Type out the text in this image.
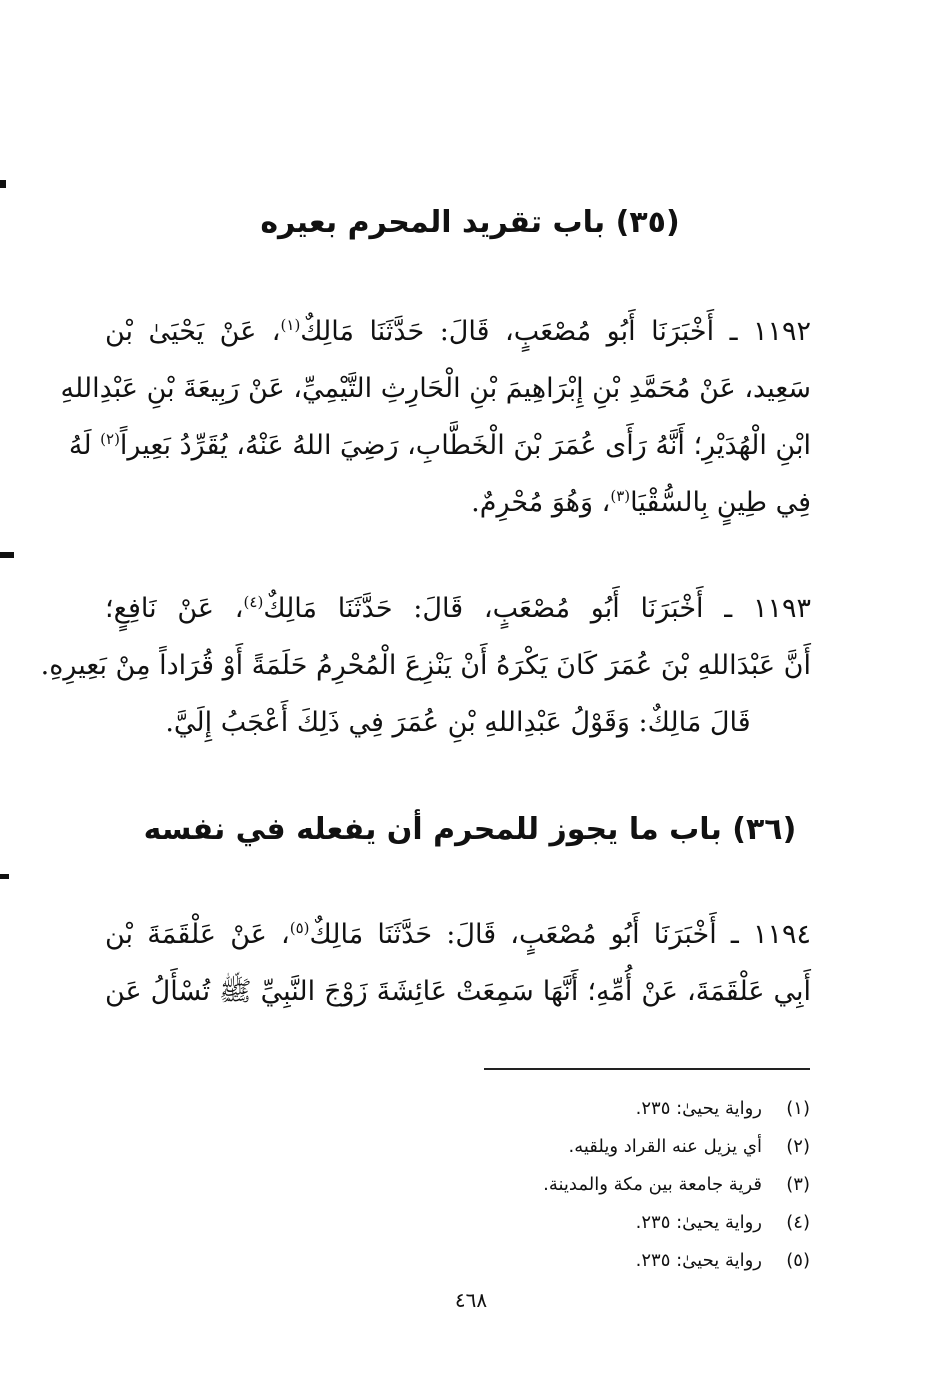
(٣٥) باب تقريد المحرم بعيره
١١٩٢ ـ أَخْبَرَنَا أَبُو مُصْعَبٍ، قَالَ: حَدَّثَنَا مَالِكٌ$^{(١)}$، عَنْ يَحْيَىٰ بْن
سَعِيد، عَنْ مُحَمَّدِ بْنِ إِبْرَاهِيمَ بْنِ الْحَارِثِ التَّيْمِيِّ، عَنْ رَبِيعَةَ بْنِ عَبْدِاللهِ
ابْنِ الْهُدَيْرِ؛ أَنَّهُ رَأَى عُمَرَ بْنَ الْخَطَّابِ، رَضِيَ اللهُ عَنْهُ، يُقَرِّدُ بَعِيراً$^{(٢)}$ لَهُ
فِي طِينٍ بِالسُّقْيَا$^{(٣)}$، وَهُوَ مُحْرِمٌ.
١١٩٣ ـ أَخْبَرَنَا أَبُو مُصْعَبٍ، قَالَ: حَدَّثَنَا مَالِكٌ$^{(٤)}$، عَنْ نَافِعٍ؛
أَنَّ عَبْدَاللهِ بْنَ عُمَرَ كَانَ يَكْرَهُ أَنْ يَنْزِعَ الْمُحْرِمُ حَلَمَةً أَوْ قُرَاداً مِنْ بَعِيرِهِ.
قَالَ مَالِكٌ: وَقَوْلُ عَبْدِاللهِ بْنِ عُمَرَ فِي ذَلِكَ أَعْجَبُ إِلَيَّ.
(٣٦) باب ما يجوز للمحرم أن يفعله في نفسه
١١٩٤ ـ أَخْبَرَنَا أَبُو مُصْعَبٍ، قَالَ: حَدَّثَنَا مَالِكٌ$^{(٥)}$، عَنْ عَلْقَمَةَ بْن
أَبِي عَلْقَمَةَ، عَنْ أُمِّهِ؛ أَنَّهَا سَمِعَتْ عَائِشَةَ زَوْجَ النَّبِيِّ ﷺ تُسْأَلُ عَن
(١)رواية يحيىٰ: ٢٣٥.
(٢)أي يزيل عنه القراد ويلقيه.
(٣)قرية جامعة بين مكة والمدينة.
(٤)رواية يحيىٰ: ٢٣٥.
(٥)رواية يحيىٰ: ٢٣٥.
٤٦٨
